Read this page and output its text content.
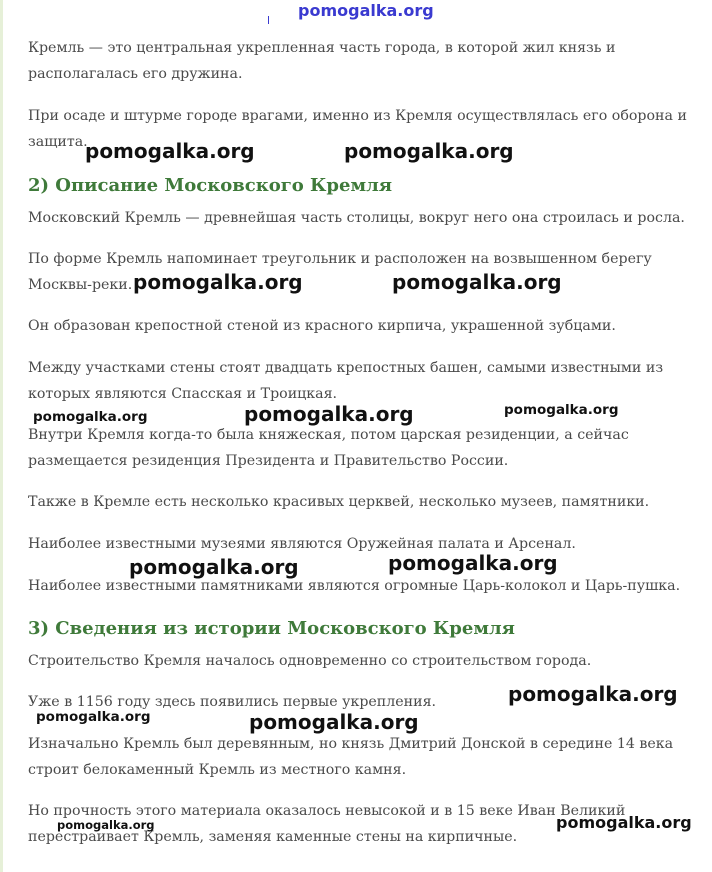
pomogalka.org

Кремль — это центральная укрепленная часть города, в которой жил князь и
располагалась его дружина.

При осаде и штурме городе врагами, именно из Кремля осуществлялась его оборона и
защита.

2) Описание Московского Кремля

Московский Кремль — древнейшая часть столицы, вокруг него она строилась и росла.

По форме Кремль напоминает треугольник и расположен на возвышенном берегу
Москвы-реки.

Он образован крепостной стеной из красного кирпича, украшенной зубцами.

Между участками стены стоят двадцать крепостных башен, самыми известными из
которых являются Спасская и Троицкая.

Внутри Кремля когда-то была княжеская, потом царская резиденции, а сейчас
размещается резиденция Президента и Правительство России.

Также в Кремле есть несколько красивых церквей, несколько музеев, памятники.

Наиболее известными музеями являются Оружейная палата и Арсенал.

Наиболее известными памятниками являются огромные Царь-колокол и Царь-пушка.

3) Сведения из истории Московского Кремля

Строительство Кремля началось одновременно со строительством города.

Уже в 1156 году здесь появились первые укрепления.

Изначально Кремль был деревянным, но князь Дмитрий Донской в середине 14 века
строит белокаменный Кремль из местного камня.

Но прочность этого материала оказалось невысокой и в 15 веке Иван Великий
перестраивает Кремль, заменяя каменные стены на кирпичные.

pomogalka.org	pomogalka.org
pomogalka.org	pomogalka.org
pomogalka.org	pomogalka.org	pomogalka.org
pomogalka.org	pomogalka.org
pomogalka.org
pomogalka.org	pomogalka.org
pomogalka.org	pomogalka.org
